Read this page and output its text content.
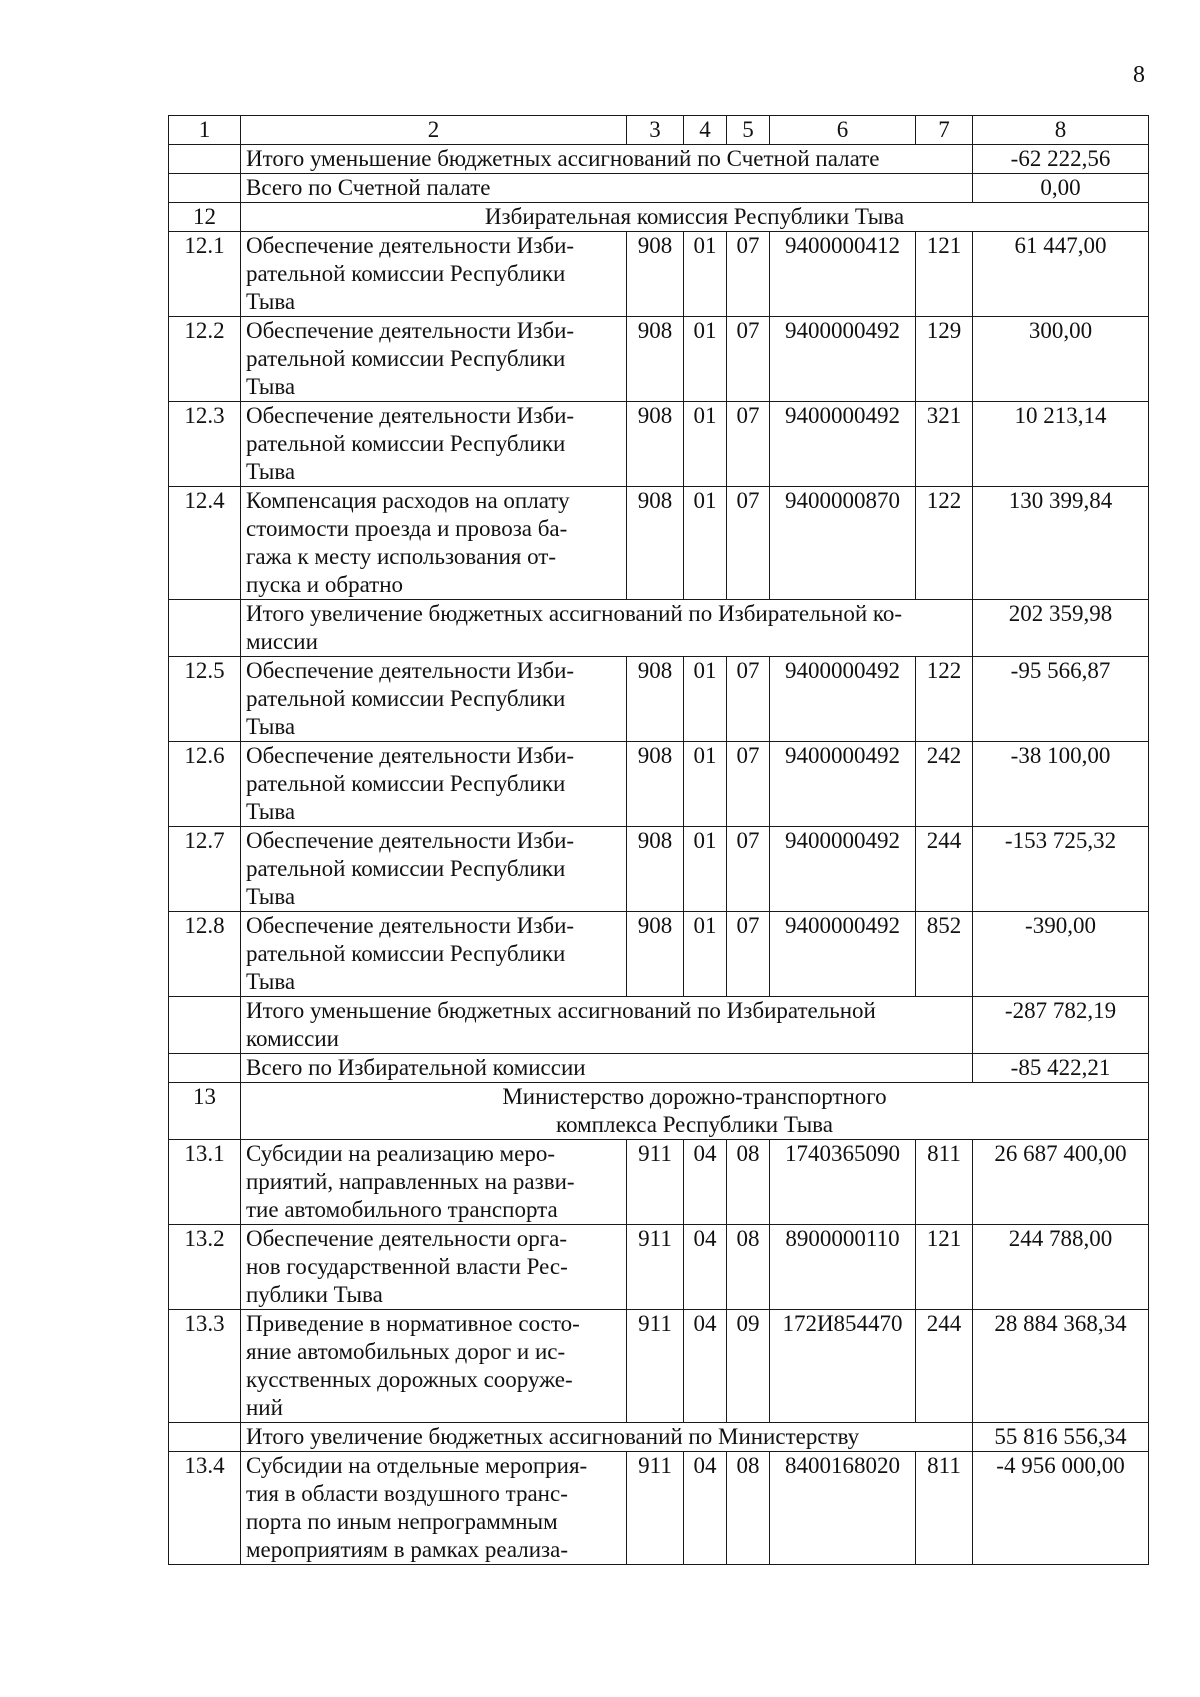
8
1	2	3	4	5	6	7	8
	Итого уменьшение бюджетных ассигнований по Счетной палате						-62 222,56
	Всего по Счетной палате						0,00
12	Избирательная комиссия Республики Тыва						
12.1	Обеспечение деятельности Изби-
рательной комиссии Республики
Тыва	908	01	07	9400000412	121	61 447,00
12.2	Обеспечение деятельности Изби-
рательной комиссии Республики
Тыва	908	01	07	9400000492	129	300,00
12.3	Обеспечение деятельности Изби-
рательной комиссии Республики
Тыва	908	01	07	9400000492	321	10 213,14
12.4	Компенсация расходов на оплату
стоимости проезда и провоза ба-
гажа к месту использования от-
пуска и обратно	908	01	07	9400000870	122	130 399,84
	Итого увеличение бюджетных ассигнований по Избирательной ко-
миссии						202 359,98
12.5	Обеспечение деятельности Изби-
рательной комиссии Республики
Тыва	908	01	07	9400000492	122	-95 566,87
12.6	Обеспечение деятельности Изби-
рательной комиссии Республики
Тыва	908	01	07	9400000492	242	-38 100,00
12.7	Обеспечение деятельности Изби-
рательной комиссии Республики
Тыва	908	01	07	9400000492	244	-153 725,32
12.8	Обеспечение деятельности Изби-
рательной комиссии Республики
Тыва	908	01	07	9400000492	852	-390,00
	Итого уменьшение бюджетных ассигнований по Избирательной
комиссии						-287 782,19
	Всего по Избирательной комиссии						-85 422,21
13	Министерство дорожно-транспортного
комплекса Республики Тыва						
13.1	Субсидии на реализацию меро-
приятий, направленных на разви-
тие автомобильного транспорта	911	04	08	1740365090	811	26 687 400,00
13.2	Обеспечение деятельности орга-
нов государственной власти Рес-
публики Тыва	911	04	08	8900000110	121	244 788,00
13.3	Приведение в нормативное состо-
яние автомобильных дорог и ис-
кусственных дорожных сооруже-
ний	911	04	09	172И854470	244	28 884 368,34
	Итого увеличение бюджетных ассигнований по Министерству						55 816 556,34
13.4	Субсидии на отдельные мероприя-
тия в области воздушного транс-
порта по иным непрограммным
мероприятиям в рамках реализа-	911	04	08	8400168020	811	-4 956 000,00
